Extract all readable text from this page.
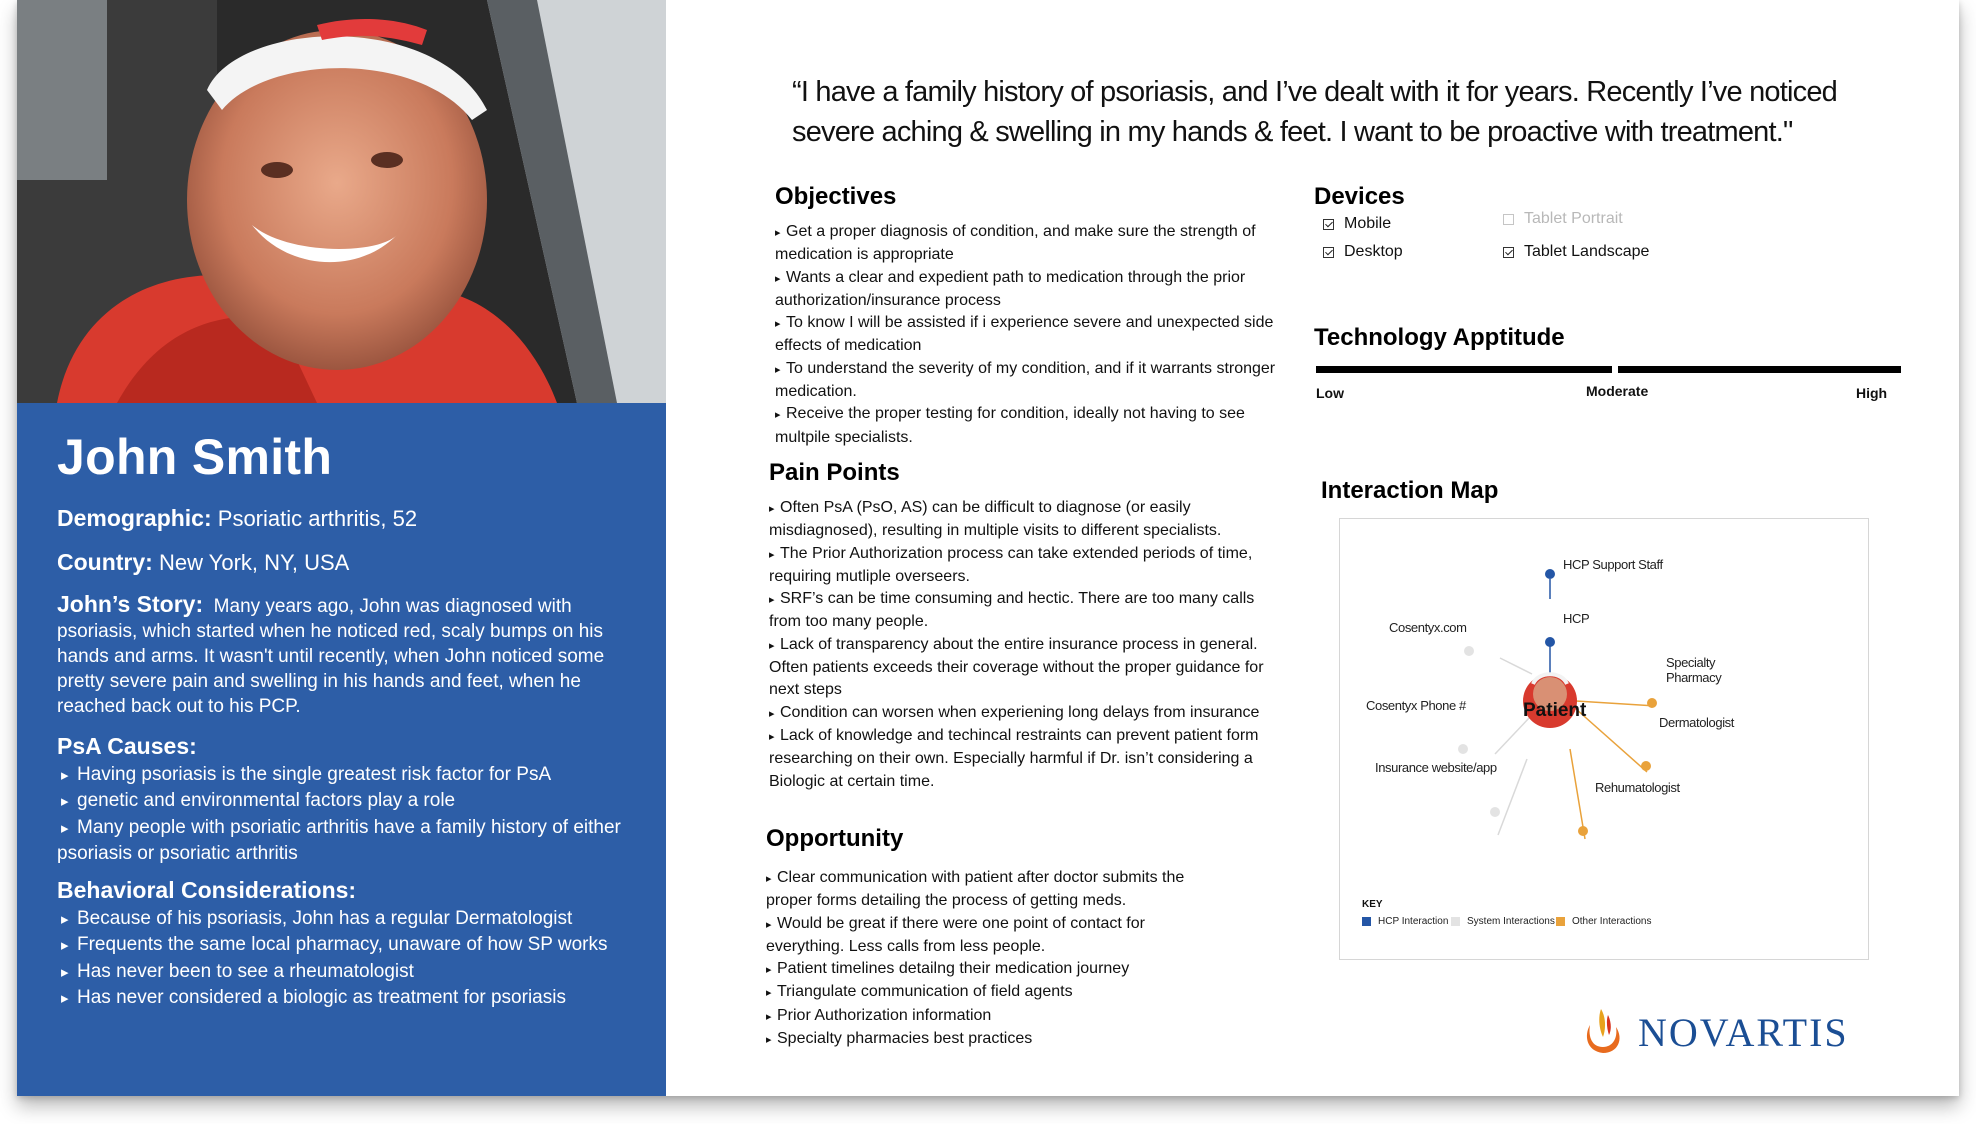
John Smith
Demographic: Psoriatic arthritis, 52
Country: New York, NY, USA
John’s Story: Many years ago, John was diagnosed with psoriasis, which started when he noticed red, scaly bumps on his hands and arms. It wasn't until recently, when John noticed some pretty severe pain and swelling in his hands and feet, when he reached back out to his PCP.
PsA Causes:
▸ Having psoriasis is the single greatest risk factor for PsA
▸ genetic and environmental factors play a role
▸ Many people with psoriatic arthritis have a family history of either psoriasis or psoriatic arthritis
Behavioral Considerations:
▸ Because of his psoriasis, John has a regular Dermatologist
▸ Frequents the same local pharmacy, unaware of how SP works
▸ Has never been to see a rheumatologist
▸ Has never considered a biologic as treatment for psoriasis
“I have a family history of psoriasis, and I’ve dealt with it for years. Recently I’ve noticed severe aching & swelling in my hands & feet. I want to be proactive with treatment."
Objectives
▸ Get a proper diagnosis of condition, and make sure the strength of medication is appropriate
▸ Wants a clear and expedient path to medication through the prior authorization/insurance process
▸ To know I will be assisted if i experience severe and unexpected side effects of medication
▸ To understand the severity of my condition, and if it warrants stronger medication.
▸ Receive the proper testing for condition, ideally not having to see multpile specialists.
Pain Points
▸ Often PsA (PsO, AS) can be difficult to diagnose (or easily misdiagnosed), resulting in multiple visits to different specialists.
▸ The Prior Authorization process can take extended periods of time, requiring mutliple overseers.
▸ SRF’s can be time consuming and hectic. There are too many calls from too many people.
▸ Lack of transparency about the entire insurance process in general. Often patients exceeds their coverage without the proper guidance for next steps
▸ Condition can worsen when experiening long delays from insurance
▸ Lack of knowledge and techincal restraints can prevent patient form researching on their own. Especially harmful if Dr. isn’t considering a Biologic at certain time.
Opportunity
▸ Clear communication with patient after doctor submits the proper forms detailing the process of getting meds.
▸ Would be great if there were one point of contact for everything. Less calls from less people.
▸ Patient timelines detailng their medication journey
▸ Triangulate communication of field agents
▸ Prior Authorization information
▸ Specialty pharmacies best practices
Devices
Mobile
Desktop
Tablet Portrait
Tablet Landscape
Technology Apptitude
Low	Moderate	High
Interaction Map
Patient
HCP Support Staff
HCP
Cosentyx.com
Specialty Pharmacy
Cosentyx Phone #
Dermatologist
Insurance website/app
Rehumatologist
KEY
HCP Interaction System Interactions Other Interactions
NOVARTIS
